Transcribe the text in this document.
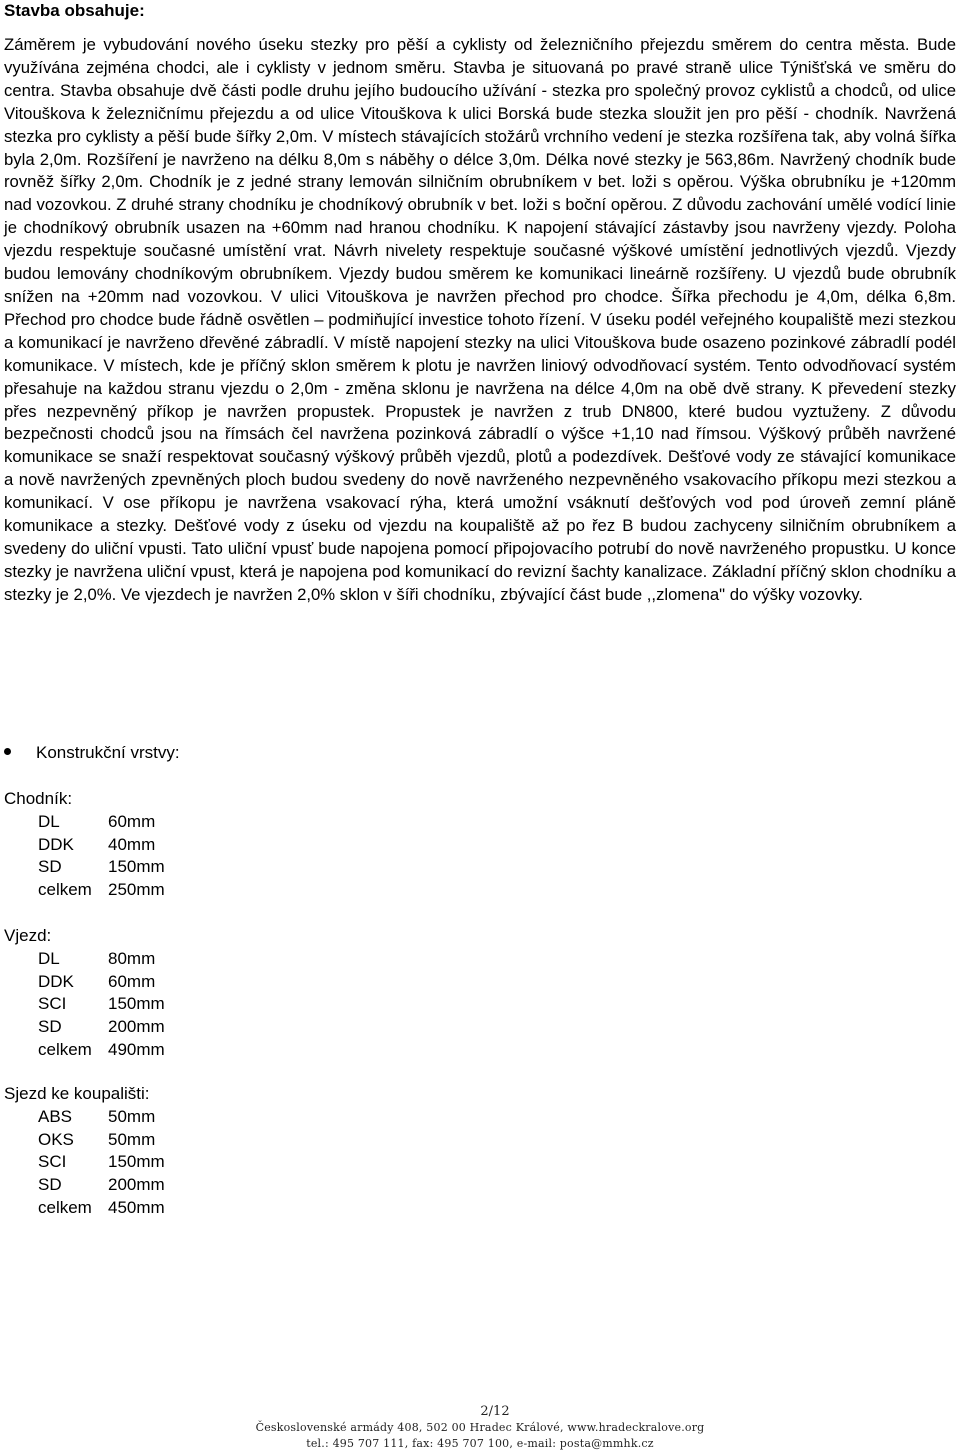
Stavba obsahuje:

Záměrem je vybudování nového úseku stezky pro pěší a cyklisty od železničního přejezdu směrem do centra města. Bude využívána zejména chodci, ale i cyklisty v jednom směru. Stavba je situovaná po pravé straně ulice Týnišťská ve směru do centra. Stavba obsahuje dvě části podle druhu jejího budoucího užívání - stezka pro společný provoz cyklistů a chodců, od ulice Vitouškova k železničnímu přejezdu a od ulice Vitouškova k ulici Borská bude stezka sloužit jen pro pěší - chodník. Navržená stezka pro cyklisty a pěší bude šířky 2,0m. V místech stávajících stožárů vrchního vedení je stezka rozšířena tak, aby volná šířka byla 2,0m. Rozšíření je navrženo na délku 8,0m s náběhy o délce 3,0m. Délka nové stezky je 563,86m. Navržený chodník bude rovněž šířky 2,0m. Chodník je z jedné strany lemován silničním obrubníkem v bet. loži s opěrou. Výška obrubníku je +120mm nad vozovkou. Z druhé strany chodníku je chodníkový obrubník v bet. loži s boční opěrou. Z důvodu zachování umělé vodící linie je chodníkový obrubník usazen na +60mm nad hranou chodníku. K napojení stávající zástavby jsou navrženy vjezdy. Poloha vjezdu respektuje současné umístění vrat. Návrh nivelety respektuje současné výškové umístění jednotlivých vjezdů. Vjezdy budou lemovány chodníkovým obrubníkem. Vjezdy budou směrem ke komunikaci lineárně rozšířeny. U vjezdů bude obrubník snížen na +20mm nad vozovkou. V ulici Vitouškova je navržen přechod pro chodce. Šířka přechodu je 4,0m, délka 6,8m. Přechod pro chodce bude řádně osvětlen – podmiňující investice tohoto řízení. V úseku podél veřejného koupaliště mezi stezkou a komunikací je navrženo dřevěné zábradlí. V místě napojení stezky na ulici Vitouškova bude osazeno pozinkové zábradlí podél komunikace. V místech, kde je příčný sklon směrem k plotu je navržen liniový odvodňovací systém. Tento odvodňovací systém přesahuje na každou stranu vjezdu o 2,0m - změna sklonu je navržena na délce 4,0m na obě dvě strany. K převedení stezky přes nezpevněný příkop je navržen propustek. Propustek je navržen z trub DN800, které budou vyztuženy. Z důvodu bezpečnosti chodců jsou na římsách čel navržena pozinková zábradlí o výšce +1,10 nad římsou. Výškový průběh navržené komunikace se snaží respektovat současný výškový průběh vjezdů, plotů a podezdívek. Dešťové vody ze stávající komunikace a nově navržených zpevněných ploch budou svedeny do nově navrženého nezpevněného vsakovacího příkopu mezi stezkou a komunikací. V ose příkopu je navržena vsakovací rýha, která umožní vsáknutí dešťových vod pod úroveň zemní pláně komunikace a stezky. Dešťové vody z úseku od vjezdu na koupaliště až po řez B budou zachyceny silničním obrubníkem a svedeny do uliční vpusti. Tato uliční vpusť bude napojena pomocí připojovacího potrubí do nově navrženého propustku. U konce stezky je navržena uliční vpust, která je napojena pod komunikací do revizní šachty kanalizace. Základní příčný sklon chodníku a stezky je 2,0%. Ve vjezdech je navržen 2,0% sklon v šíři chodníku, zbývající část bude ,,zlomena" do výšky vozovky.

Konstrukční vrstvy:
Chodník:
DL	60mm
DDK 40mm
SD	150mm
celkem 250mm
Vjezd:
DL	80mm
DDK 60mm
SCI 150mm
SD	200mm
celkem 490mm
Sjezd ke koupališti:
ABS 50mm
OKS 50mm
SCI 150mm
SD	200mm
celkem 450mm
2/12
Československé armády 408, 502 00 Hradec Králové, www.hradeckralove.org
tel.: 495 707 111, fax: 495 707 100, e-mail: posta@mmhk.cz
